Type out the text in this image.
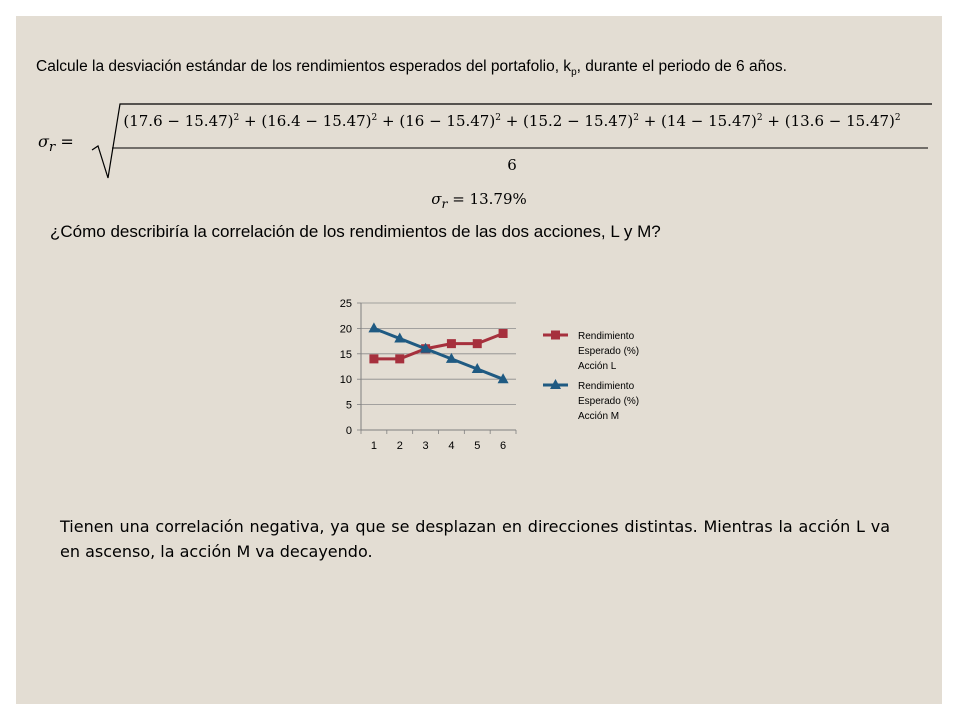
Calcule la desviación estándar de los rendimientos esperados del portafolio, $k_p$, durante el periodo de 6 años.
$\sigma_r$ =
$(17.6 - 15.47)^2 + (16.4 - 15.47)^2 + (16 - 15.47)^2 + (15.2 - 15.47)^2 + (14 - 15.47)^2 + (13.6 - 15.47)^2$
6
$\sigma_r = 13.79\%$
¿Cómo describiría la correlación de los rendimientos de las dos acciones, L y M?
0
5
10
15
20
25
1 2 3 4 5 6
Rendimiento
Esperado (%)
Acción L
Rendimiento
Esperado (%)
Acción M
Tienen una correlación negativa, ya que se desplazan en direcciones distintas. Mientras la acción L va en ascenso, la acción M va decayendo.
